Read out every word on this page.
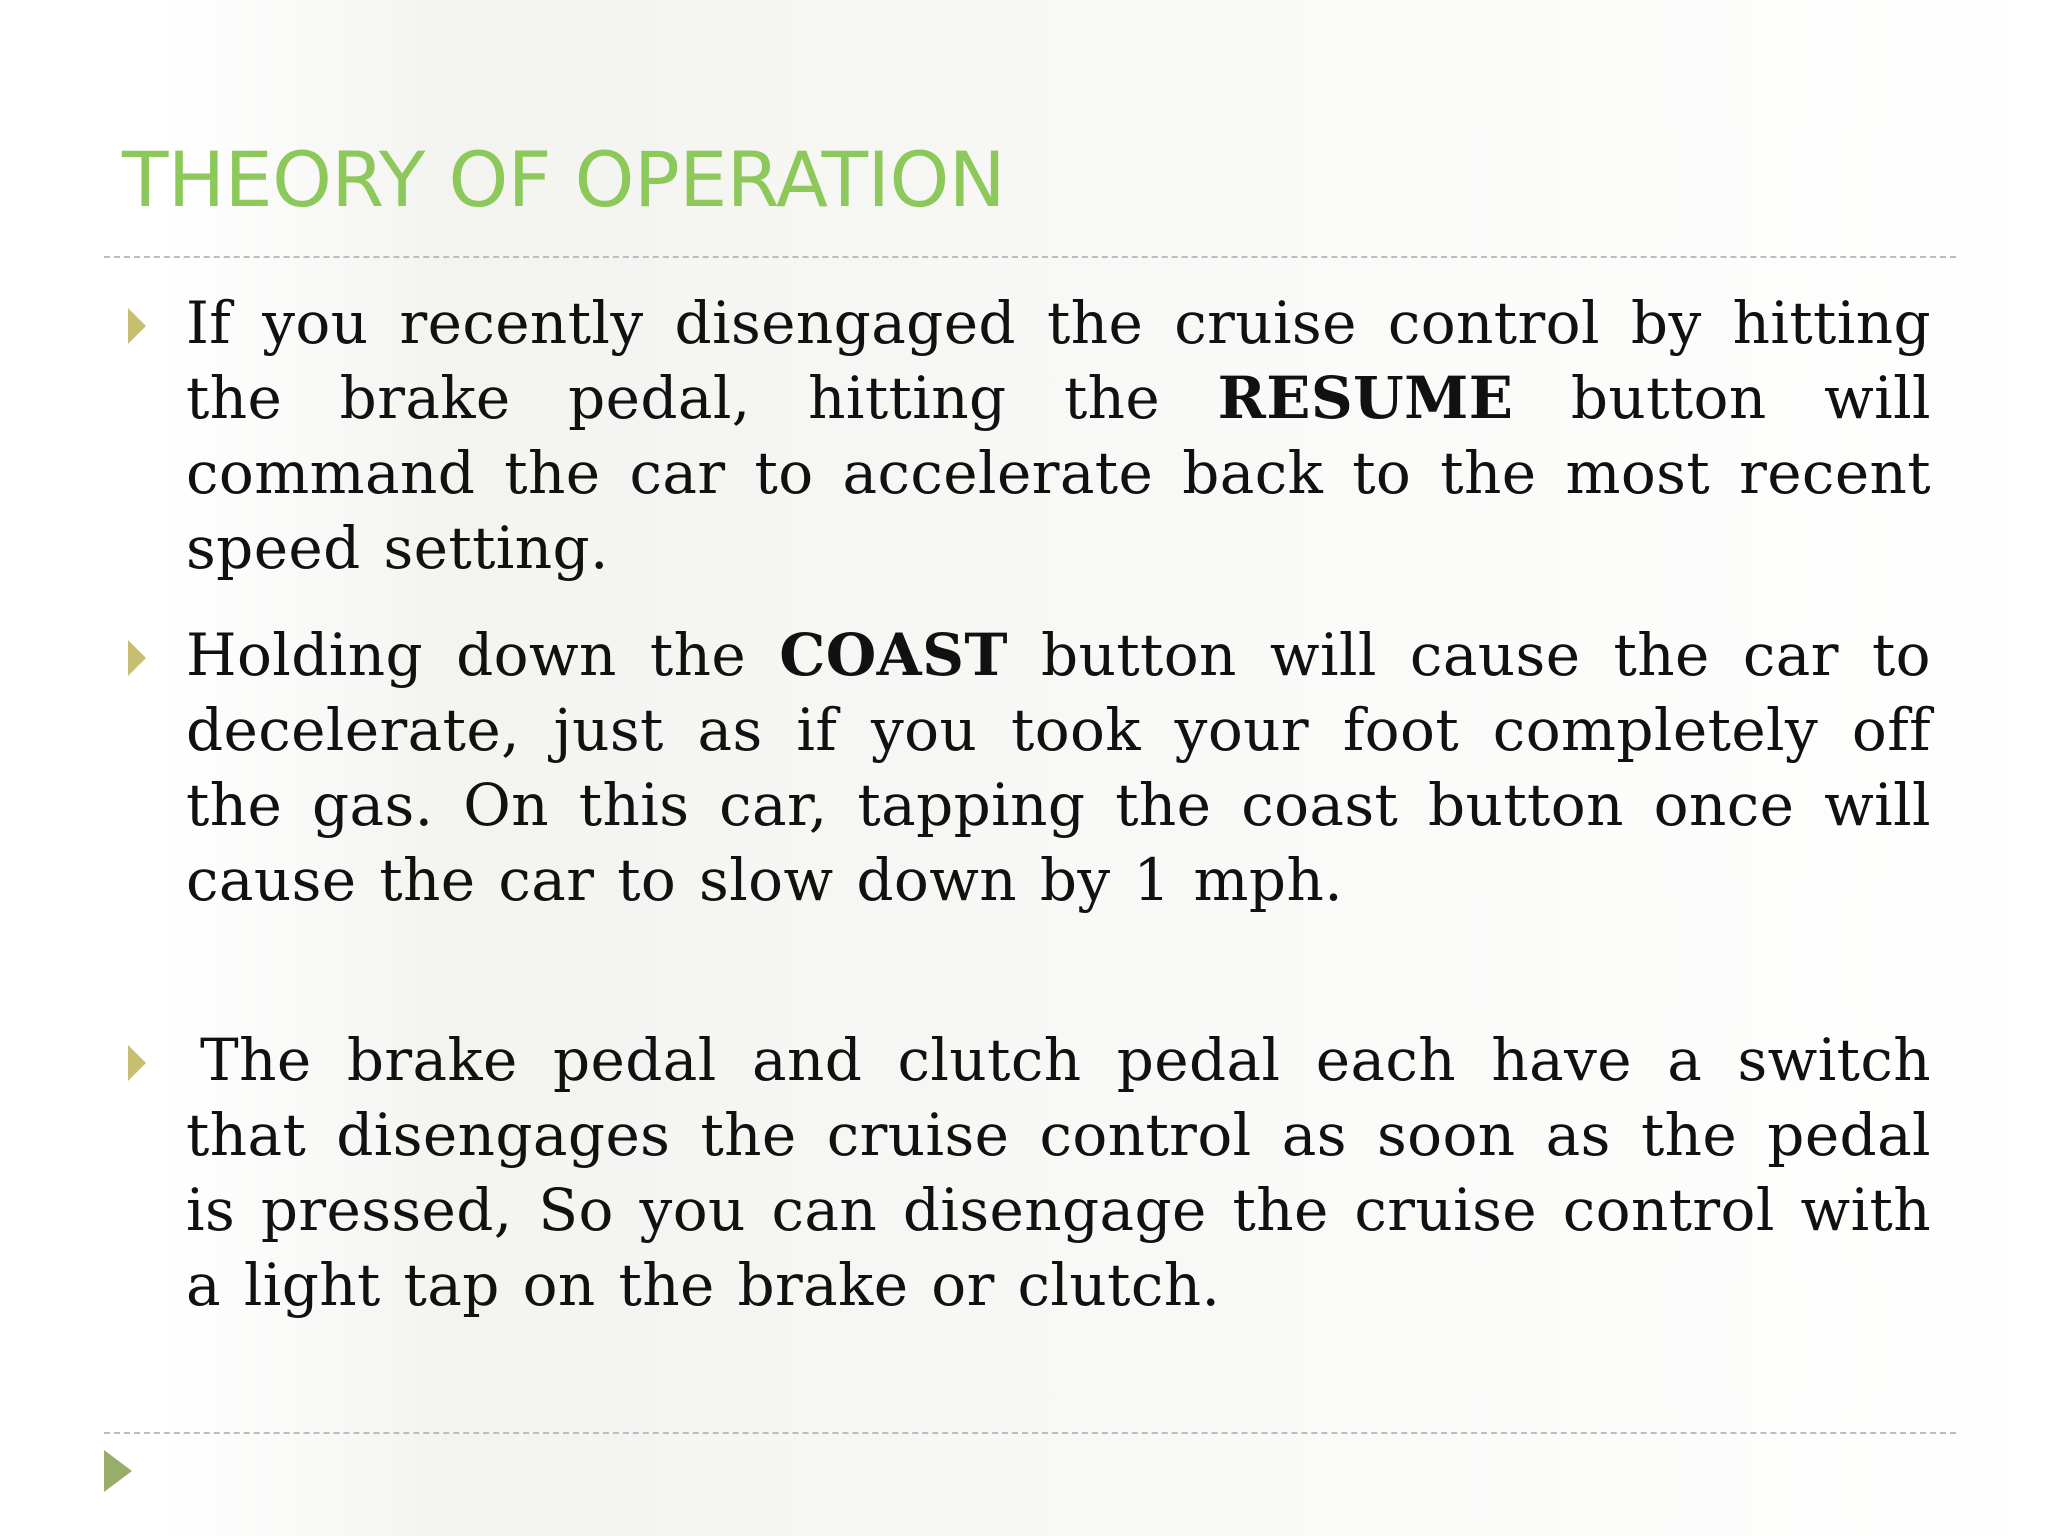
THEORY OF OPERATION

If you recently disengaged the cruise control by hitting the brake pedal, hitting the RESUME button will command the car to accelerate back to the most recent speed setting.

Holding down the COAST button will cause the car to decelerate, just as if you took your foot completely off the gas. On this car, tapping the coast button once will cause the car to slow down by 1 mph.

The brake pedal and clutch pedal each have a switch that disengages the cruise control as soon as the pedal is pressed, So you can disengage the cruise control with a light tap on the brake or clutch.
